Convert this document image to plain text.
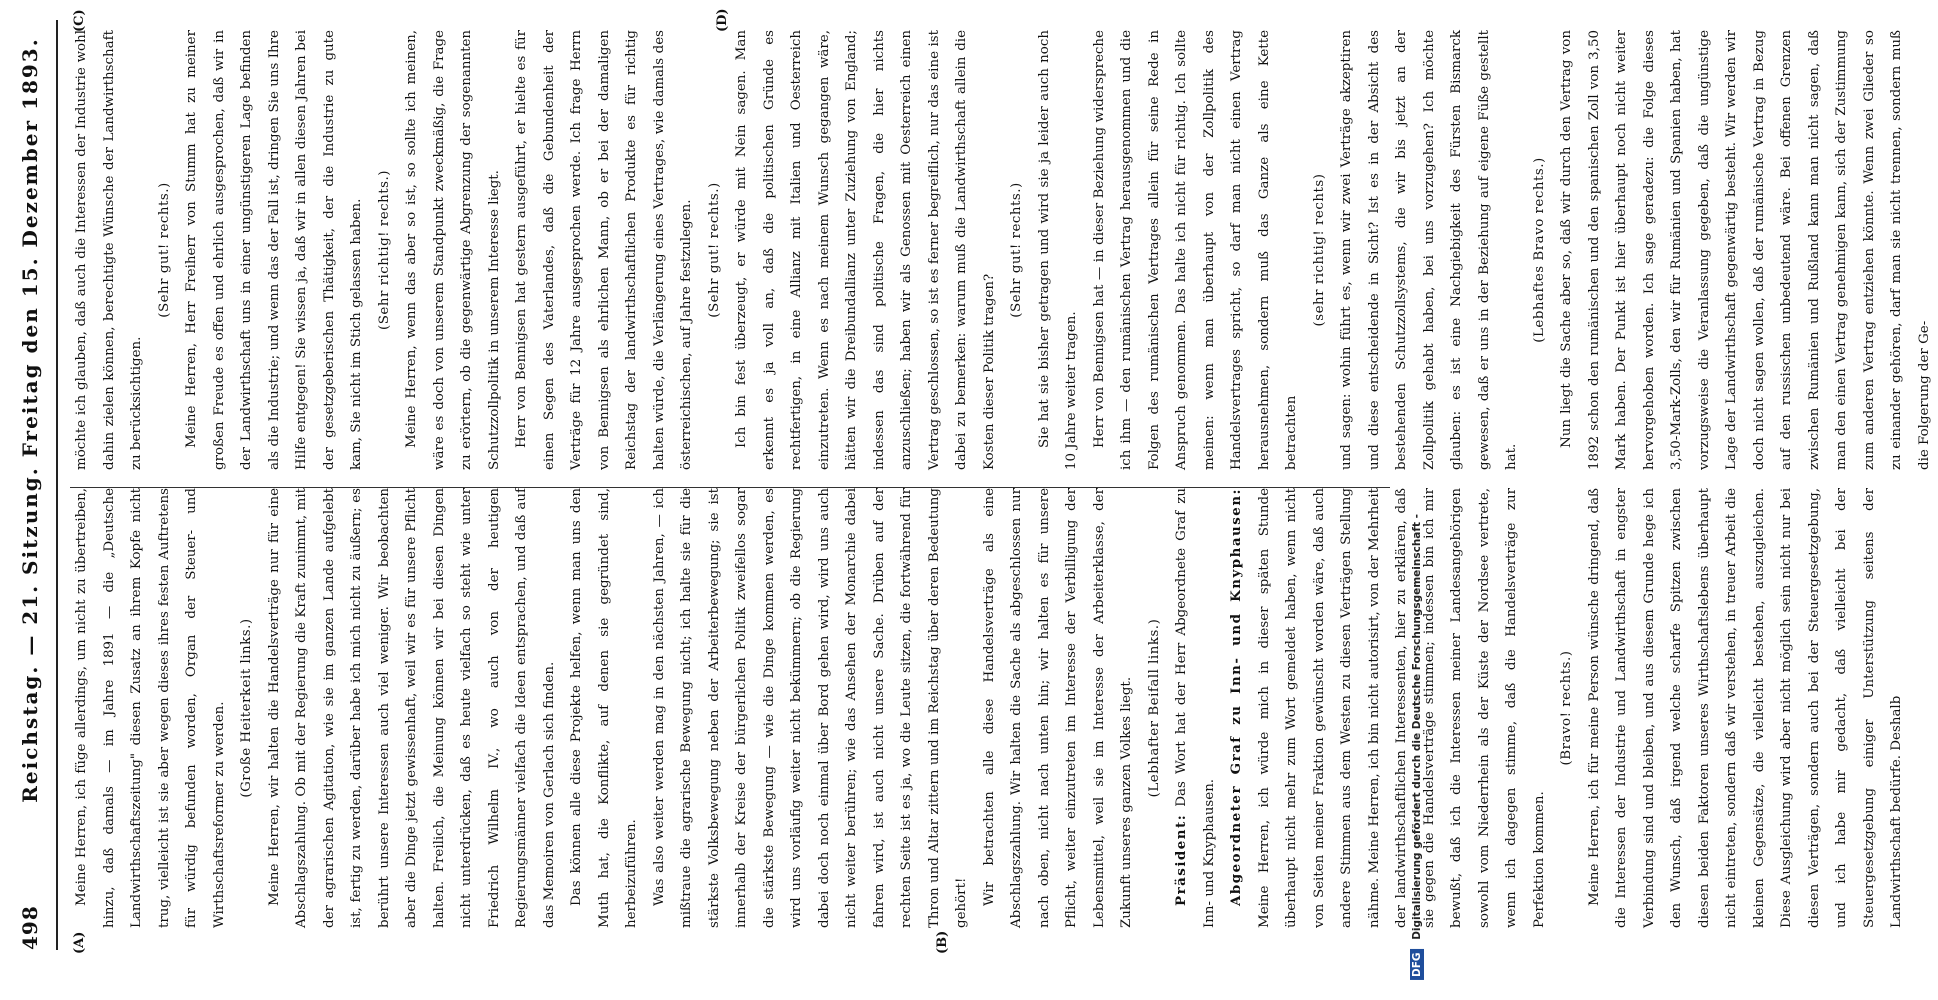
498
Reichstag. — 21. Sitzung. Freitag den 15. Dezember 1893.
(A)	(B)
(C)	(D)

Meine Herren, ich füge allerdings, um nicht zu übertreiben, hinzu, daß damals — im Jahre 1891 — die „Deutsche Landwirthschaftszeitung" diesen Zusatz an ihrem Kopfe nicht trug, vielleicht ist sie aber wegen dieses ihres festen Auftretens für würdig befunden worden, Organ der Steuer- und Wirthschaftsreformer zu werden. (Große Heiterkeit links.) Meine Herren, wir halten die Handelsverträge nur für eine Abschlagszahlung. Ob mit der Regierung die Kraft zunimmt, mit der agrarischen Agitation, wie sie im ganzen Lande aufgelebt ist, fertig zu werden, darüber habe ich mich nicht zu äußern; es berührt unsere Interessen auch viel weniger. Wir beobachten aber die Dinge jetzt gewissenhaft, weil wir es für unsere Pflicht halten. Freilich, die Meinung können wir bei diesen Dingen nicht unterdrücken, daß es heute vielfach so steht wie unter Friedrich Wilhelm IV., wo auch von der heutigen Regierungsmänner vielfach die Ideen entsprachen, und daß auf das Memoiren von Gerlach sich finden. Das können alle diese Projekte helfen, wenn man uns den Muth hat, die Konflikte, auf denen sie gegründet sind, herbeizuführen. Was also weiter werden mag in den nächsten Jahren, — ich mißtraue die agrarische Bewegung nicht; ich halte sie für die stärkste Volksbewegung neben der Arbeiterbewegung; sie ist innerhalb der Kreise der bürgerlichen Politik zweifellos sogar die stärkste Bewegung — wie die Dinge kommen werden, es wird uns vorläufig weiter nicht bekümmern; ob die Regierung dabei doch noch einmal über Bord gehen wird, wird uns auch nicht weiter berühren; wie das Ansehen der Monarchie dabei fahren wird, ist auch nicht unsere Sache. Drüben auf der rechten Seite ist es ja, wo die Leute sitzen, die fortwährend für Thron und Altar zittern und im Reichstag über deren Bedeutung gehört! Wir betrachten alle diese Handelsverträge als eine Abschlagszahlung. Wir halten die Sache als abgeschlossen nur nach oben, nicht nach unten hin; wir halten es für unsere Pflicht, weiter einzutreten im Interesse der Verbilligung der Lebensmittel, weil sie im Interesse der Arbeiterklasse, der Zukunft unseres ganzen Volkes liegt. (Lebhafter Beifall links.)

Präsident: Das Wort hat der Herr Abgeordnete Graf zu Inn- und Knyphausen. Abgeordneter Graf zu Inn- und Knyphausen: Meine Herren, ich würde mich in dieser späten Stunde überhaupt nicht mehr zum Wort gemeldet haben, wenn nicht von Seiten meiner Fraktion gewünscht worden wäre, daß auch andere Stimmen aus dem Westen zu diesen Verträgen Stellung nähme. Meine Herren, ich bin nicht autorisirt, von der Mehrheit der landwirthschaftlichen Interessenten, hier zu erklären, daß sie gegen die Handelsverträge stimmen; indessen bin ich mir bewußt, daß ich die Interessen meiner Landesangehörigen sowohl vom Niederrhein als der Küste der Nordsee vertrete, wenn ich dagegen stimme, daß die Handelsverträge zur Perfektion kommen.

(Bravo! rechts.) Meine Herren, ich für meine Person wünsche dringend, daß die Interessen der Industrie und Landwirthschaft in engster Verbindung sind und bleiben, und aus diesem Grunde hege ich den Wunsch, daß irgend welche scharfe Spitzen zwischen diesen beiden Faktoren unseres Wirthschaftslebens überhaupt nicht eintreten, sondern daß wir verstehen, in treuer Arbeit die kleinen Gegensätze, die vielleicht bestehen, auszugleichen. Diese Ausgleichung wird aber nicht möglich sein nicht nur bei diesen Verträgen, sondern auch bei der Steuergesetzgebung, und ich habe mir gedacht, daß vielleicht bei der Steuergesetzgebung einiger Unterstützung seitens der Landwirthschaft bedürfe. Deshalb

möchte ich glauben, daß auch die Interessen der Industrie wohl dahin zielen können, berechtigte Wünsche der Landwirthschaft zu berücksichtigen.

(Sehr gut! rechts.) Meine Herren, Herr Freiherr von Stumm hat zu meiner großen Freude es offen und ehrlich ausgesprochen, daß wir in der Landwirthschaft uns in einer ungünstigeren Lage befinden als die Industrie; und wenn das der Fall ist, dringen Sie uns Ihre Hilfe entgegen! Sie wissen ja, daß wir in allen diesen Jahren bei der gesetzgeberischen Thätigkeit, der die Industrie zu gute kam, Sie nicht im Stich gelassen haben. (Sehr richtig! rechts.) Meine Herren, wenn das aber so ist, so sollte ich meinen, wäre es doch von unserem Standpunkt zweckmäßig, die Frage zu erörtern, ob die gegenwärtige Abgrenzung der sogenannten Schutzzollpolitik in unserem Interesse liegt. Herr von Bennigsen hat gestern ausgeführt, er hielte es für einen Segen des Vaterlandes, daß die Gebundenheit der Verträge für 12 Jahre ausgesprochen werde. Ich frage Herrn von Bennigsen als ehrlichen Mann, ob er bei der damaligen Reichstag der landwirthschaftlichen Produkte es für richtig halten würde, die Verlängerung eines Vertrages, wie damals des österreichischen, auf Jahre festzulegen. (Sehr gut! rechts.) Ich bin fest überzeugt, er würde mit Nein sagen. Man erkennt es ja voll an, daß die politischen Gründe es rechtfertigen, in eine Allianz mit Italien und Oesterreich einzutreten. Wenn es nach meinem Wunsch gegangen wäre, hätten wir die Dreibundallianz unter Zuziehung von England; indessen das sind politische Fragen, die hier nichts anzuschließen; haben wir als Genossen mit Oesterreich einen Vertrag geschlossen, so ist es ferner begreiflich, nur das eine ist dabei zu bemerken: warum muß die Landwirthschaft allein die Kosten dieser Politik tragen?

(Sehr gut! rechts.) Sie hat sie bisher getragen und wird sie ja leider auch noch 10 Jahre weiter tragen. Herr von Bennigsen hat — in dieser Beziehung widerspreche ich ihm — den rumänischen Vertrag herausgenommen und die Folgen des rumänischen Vertrages allein für seine Rede in Anspruch genommen. Das halte ich nicht für richtig. Ich sollte meinen: wenn man überhaupt von der Zollpolitik des Handelsvertrages spricht, so darf man nicht einen Vertrag herausnehmen, sondern muß das Ganze als eine Kette betrachten

(sehr richtig! rechts) und sagen: wohin führt es, wenn wir zwei Verträge akzeptiren und diese entscheidende in Sicht? Ist es in der Absicht des bestehenden Schutzzollsystems, die wir bis jetzt an der Zollpolitik gehabt haben, bei uns vorzugehen? Ich möchte glauben: es ist eine Nachgiebigkeit des Fürsten Bismarck gewesen, daß er uns in der Beziehung auf eigene Füße gestellt hat.

(Lebhaftes Bravo rechts.) Nun liegt die Sache aber so, daß wir durch den Vertrag von 1892 schon den rumänischen und den spanischen Zoll von 3,50 Mark haben. Der Punkt ist hier überhaupt noch nicht weiter hervorgehoben worden. Ich sage geradezu: die Folge dieses 3,50-Mark-Zolls, den wir für Rumänien und Spanien haben, hat vorzugsweise die Veranlassung gegeben, daß die ungünstige Lage der Landwirthschaft gegenwärtig besteht. Wir werden wir doch nicht sagen wollen, daß der rumänische Vertrag in Bezug auf den russischen unbedeutend wäre. Bei offenen Grenzen zwischen Rumänien und Rußland kann man nicht sagen, daß man den einen Vertrag genehmigen kann, sich der Zustimmung zum anderen Vertrag entziehen könnte. Wenn zwei Glieder so zu einander gehören, darf man sie nicht trennen, sondern muß die Folgerung der Ge-

DFG Digitalisierung gefördert durch die Deutsche Forschungsgemeinschaft -
